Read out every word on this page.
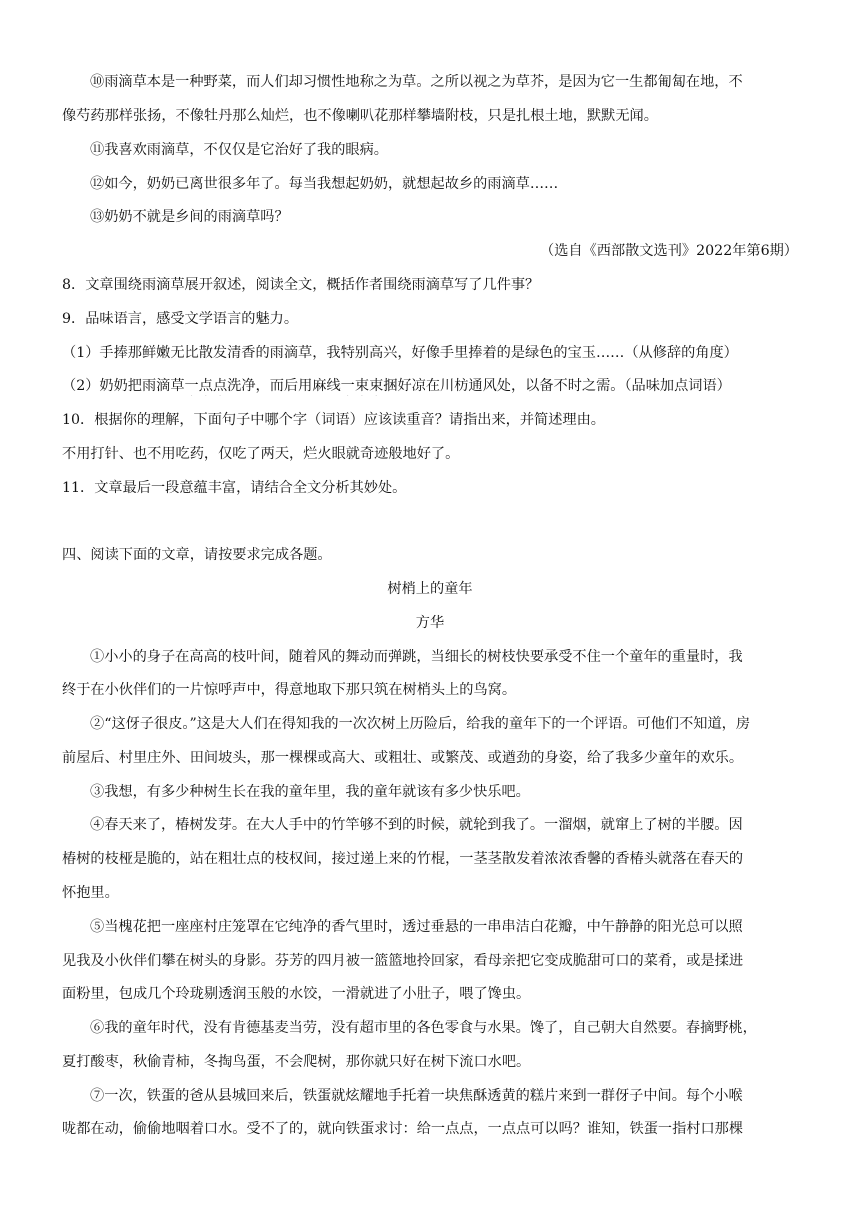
⑩雨滴草本是一种野菜，而人们却习惯性地称之为草。之所以视之为草芥，是因为它一生都匍匐在地，不
像芍药那样张扬，不像牡丹那么灿烂，也不像喇叭花那样攀墙附枝，只是扎根土地，默默无闻。
⑪我喜欢雨滴草，不仅仅是它治好了我的眼病。
⑫如今，奶奶已离世很多年了。每当我想起奶奶，就想起故乡的雨滴草……
⑬奶奶不就是乡间的雨滴草吗？
（选自《西部散文选刊》2022年第6期）
8．文章围绕雨滴草展开叙述，阅读全文，概括作者围绕雨滴草写了几件事？
9．品味语言，感受文学语言的魅力。
（1）手捧那鲜嫩无比散发清香的雨滴草，我特别高兴，好像手里捧着的是绿色的宝玉……（从修辞的角度）
（2）奶奶把雨滴草一点点洗净，而后用麻线一束束捆好凉在川枋通风处，以备不时之需。（品味加点词语）
10．根据你的理解，下面句子中哪个字（词语）应该读重音？请指出来，并简述理由。
不用打针、也不用吃药，仅吃了两天，烂火眼就奇迹般地好了。
11．文章最后一段意蕴丰富，请结合全文分析其妙处。
四、阅读下面的文章，请按要求完成各题。
树梢上的童年
方华
①小小的身子在高高的枝叶间，随着风的舞动而弹跳，当细长的树枝快要承受不住一个童年的重量时，我
终于在小伙伴们的一片惊呼声中，得意地取下那只筑在树梢头上的鸟窝。
②“这伢子很皮。”这是大人们在得知我的一次次树上历险后，给我的童年下的一个评语。可他们不知道，房
前屋后、村里庄外、田间坡头，那一棵棵或高大、或粗壮、或繁茂、或遒劲的身姿，给了我多少童年的欢乐。
③我想，有多少种树生长在我的童年里，我的童年就该有多少快乐吧。
④春天来了，椿树发芽。在大人手中的竹竿够不到的时候，就轮到我了。一溜烟，就窜上了树的半腰。因
椿树的枝桠是脆的，站在粗壮点的枝权间，接过递上来的竹棍，一茎茎散发着浓浓香馨的香椿头就落在春天的
怀抱里。
⑤当槐花把一座座村庄笼罩在它纯净的香气里时，透过垂悬的一串串洁白花瓣，中午静静的阳光总可以照
见我及小伙伴们攀在树头的身影。芬芳的四月被一篮篮地拎回家，看母亲把它变成脆甜可口的菜肴，或是揉进
面粉里，包成几个玲珑剔透润玉般的水饺，一滑就进了小肚子，喂了馋虫。
⑥我的童年时代，没有肯德基麦当劳，没有超市里的各色零食与水果。馋了，自己朝大自然要。春摘野桃，
夏打酸枣，秋偷青柿，冬掏鸟蛋，不会爬树，那你就只好在树下流口水吧。
⑦一次，铁蛋的爸从县城回来后，铁蛋就炫耀地手托着一块焦酥透黄的糕片来到一群伢子中间。每个小喉
咙都在动，偷偷地咽着口水。受不了的，就向铁蛋求讨：给一点点，一点点可以吗？谁知，铁蛋一指村口那棵
